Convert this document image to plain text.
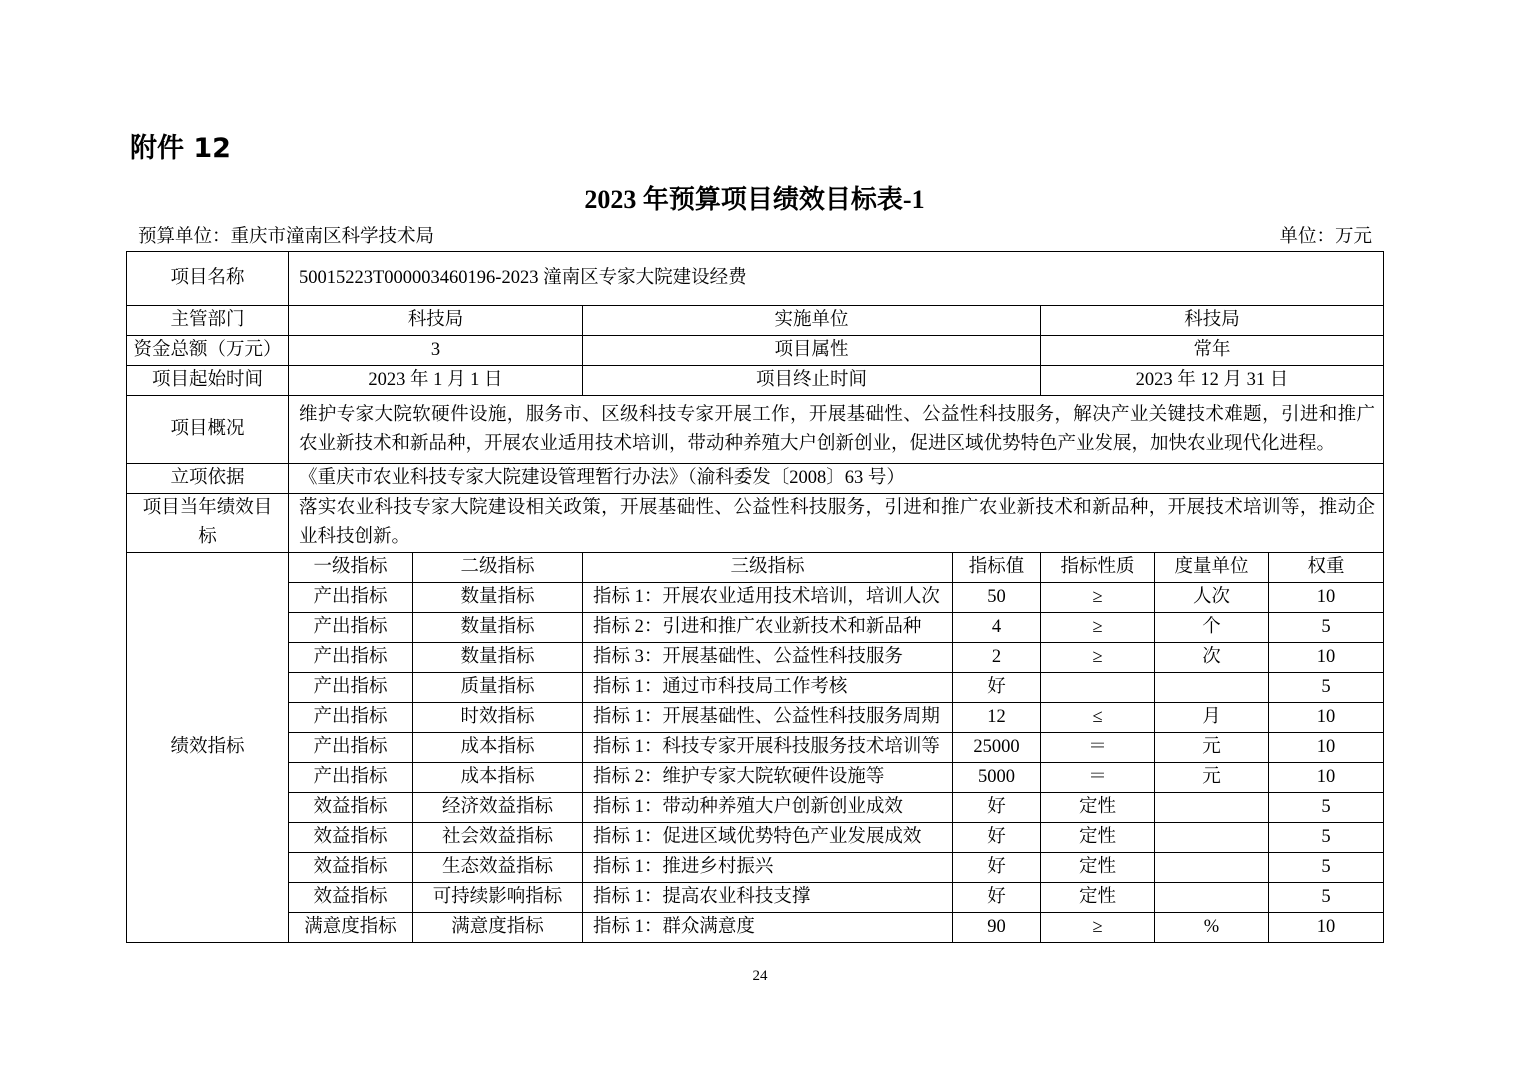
附件 12
2023 年预算项目绩效目标表-1
预算单位：重庆市潼南区科学技术局	单位：万元
项目名称	50015223T000003460196-2023 潼南区专家大院建设经费						
主管部门	科技局		实施单位		科技局		
资金总额（万元）	3		项目属性		常年		
项目起始时间	2023 年 1 月 1 日		项目终止时间		2023 年 12 月 31 日		
项目概况	维护专家大院软硬件设施，服务市、区级科技专家开展工作，开展基础性、公益性科技服务，解决产业关键技术难题，引进和推广
农业新技术和新品种，开展农业适用技术培训，带动种养殖大户创新创业，促进区域优势特色产业发展，加快农业现代化进程。						

立项依据	《重庆市农业科技专家大院建设管理暂行办法》（渝科委发〔2008〕63 号）						

项目当年绩效目标	落实农业科技专家大院建设相关政策，开展基础性、公益性科技服务，引进和推广农业新技术和新品种，开展技术培训等，推动企
业科技创新。						

绩效指标	一级指标	二级指标	三级指标	指标值	指标性质	度量单位	权重
	产出指标	数量指标	指标 1：开展农业适用技术培训，培训人次	50	≥	人次	10
	产出指标	数量指标	指标 2：引进和推广农业新技术和新品种	4	≥	个	5
	产出指标	数量指标	指标 3：开展基础性、公益性科技服务	2	≥	次	10
	产出指标	质量指标	指标 1：通过市科技局工作考核	好			5
	产出指标	时效指标	指标 1：开展基础性、公益性科技服务周期	12	≤	月	10
	产出指标	成本指标	指标 1：科技专家开展科技服务技术培训等	25000	＝	元	10
	产出指标	成本指标	指标 2：维护专家大院软硬件设施等	5000	＝	元	10
	效益指标	经济效益指标	指标 1：带动种养殖大户创新创业成效	好	定性		5
	效益指标	社会效益指标	指标 1：促进区域优势特色产业发展成效	好	定性		5
	效益指标	生态效益指标	指标 1：推进乡村振兴	好	定性		5
	效益指标	可持续影响指标	指标 1：提高农业科技支撑	好	定性		5
	满意度指标	满意度指标	指标 1：群众满意度	90	≥	%	10
24
